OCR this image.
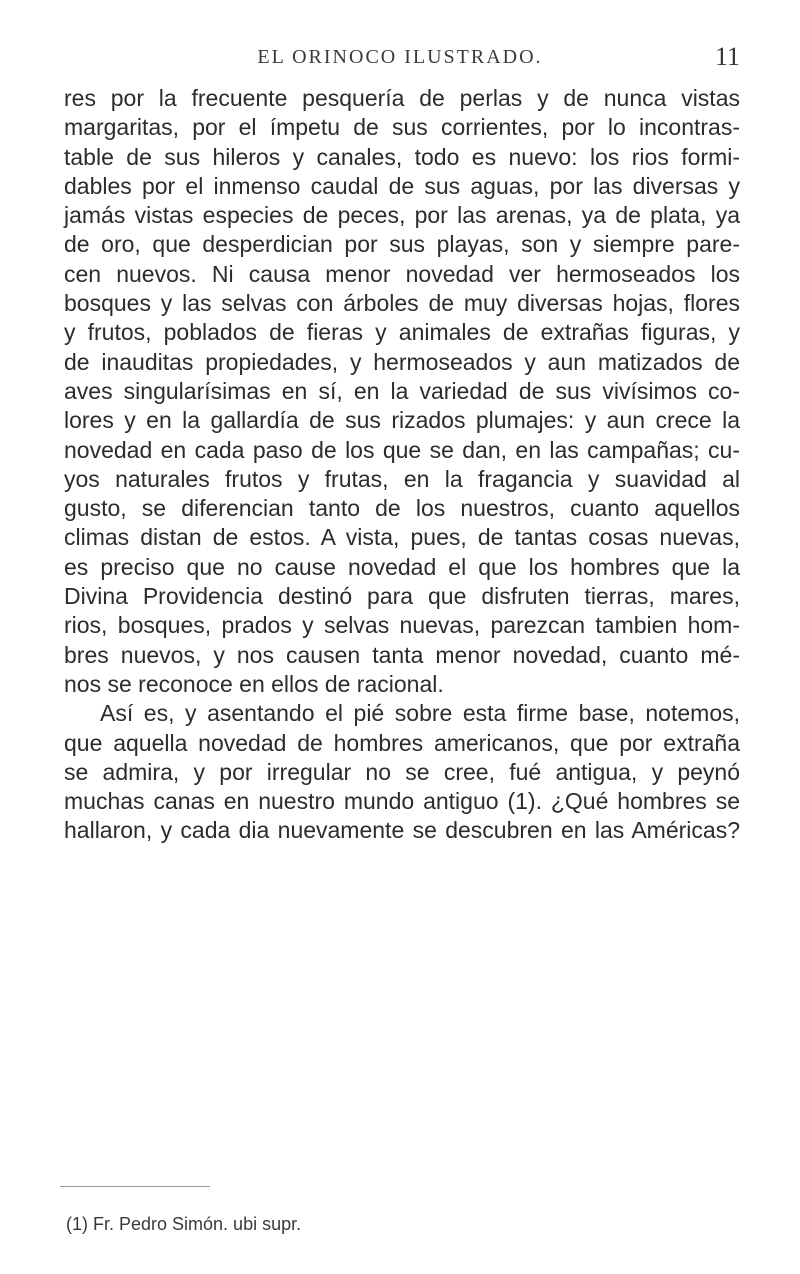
EL ORINOCO ILUSTRADO.	11
res por la frecuente pesquería de perlas y de nunca vistas
margaritas, por el ímpetu de sus corrientes, por lo incontras-
table de sus hileros y canales, todo es nuevo: los rios formi-
dables por el inmenso caudal de sus aguas, por las diversas y
jamás vistas especies de peces, por las arenas, ya de plata, ya
de oro, que desperdician por sus playas, son y siempre pare-
cen nuevos. Ni causa menor novedad ver hermoseados los
bosques y las selvas con árboles de muy diversas hojas, flores
y frutos, poblados de fieras y animales de extrañas figuras, y
de inauditas propiedades, y hermoseados y aun matizados de
aves singularísimas en sí, en la variedad de sus vivísimos co-
lores y en la gallardía de sus rizados plumajes: y aun crece la
novedad en cada paso de los que se dan, en las campañas; cu-
yos naturales frutos y frutas, en la fragancia y suavidad al
gusto, se diferencian tanto de los nuestros, cuanto aquellos
climas distan de estos. A vista, pues, de tantas cosas nuevas,
es preciso que no cause novedad el que los hombres que la
Divina Providencia destinó para que disfruten tierras, mares,
rios, bosques, prados y selvas nuevas, parezcan tambien hom-
bres nuevos, y nos causen tanta menor novedad, cuanto mé-
nos se reconoce en ellos de racional.
Así es, y asentando el pié sobre esta firme base, notemos,
que aquella novedad de hombres americanos, que por extraña
se admira, y por irregular no se cree, fué antigua, y peynó
muchas canas en nuestro mundo antiguo (1). ¿Qué hombres se
hallaron, y cada dia nuevamente se descubren en las Américas?
(1) Fr. Pedro Simón. ubi supr.
